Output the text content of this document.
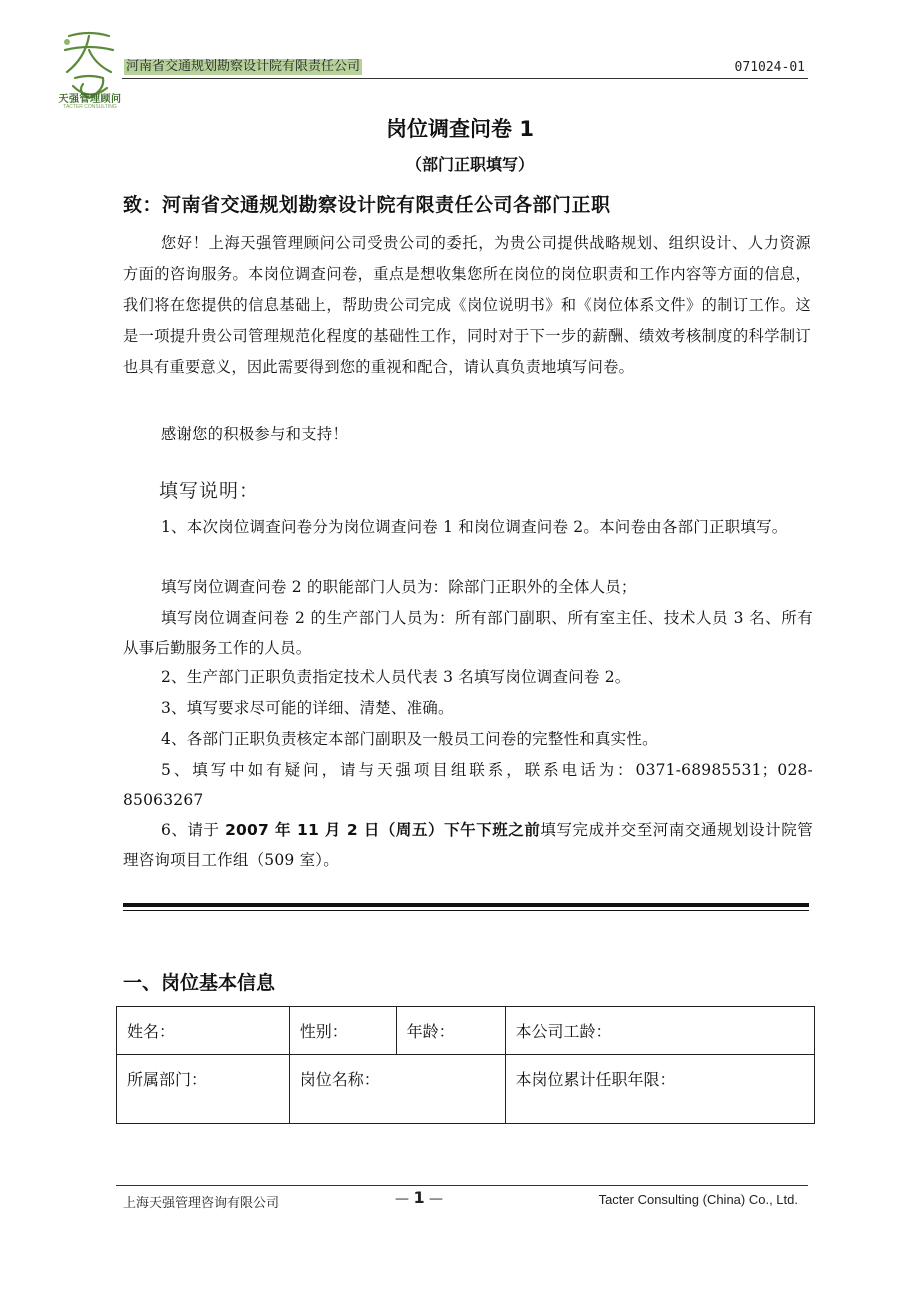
天强管理顾问
TACTER CONSULTING
河南省交通规划勘察设计院有限责任公司	071024-01
岗位调查问卷 1
（部门正职填写）
致：河南省交通规划勘察设计院有限责任公司各部门正职
您好！上海天强管理顾问公司受贵公司的委托，为贵公司提供战略规划、组织设计、人力资源方面的咨询服务。本岗位调查问卷，重点是想收集您所在岗位的岗位职责和工作内容等方面的信息，我们将在您提供的信息基础上，帮助贵公司完成《岗位说明书》和《岗位体系文件》的制订工作。这是一项提升贵公司管理规范化程度的基础性工作，同时对于下一步的薪酬、绩效考核制度的科学制订也具有重要意义，因此需要得到您的重视和配合，请认真负责地填写问卷。
感谢您的积极参与和支持！
填写说明：
1、本次岗位调查问卷分为岗位调查问卷 1 和岗位调查问卷 2。本问卷由各部门正职填写。
填写岗位调查问卷 2 的职能部门人员为：除部门正职外的全体人员；
填写岗位调查问卷 2 的生产部门人员为：所有部门副职、所有室主任、技术人员 3 名、所有从事后勤服务工作的人员。
2、生产部门正职负责指定技术人员代表 3 名填写岗位调查问卷 2。
3、填写要求尽可能的详细、清楚、准确。
4、各部门正职负责核定本部门副职及一般员工问卷的完整性和真实性。
5、填写中如有疑问，请与天强项目组联系，联系电话为：0371-68985531；028-85063267
6、请于 2007 年 11 月 2 日（周五）下午下班之前填写完成并交至河南交通规划设计院管理咨询项目工作组（509 室）。
一、岗位基本信息
姓名：	性别：	年龄：	本公司工龄：
所属部门：	岗位名称：		本岗位累计任职年限：
上海天强管理咨询有限公司	— 1 —	Tacter Consulting (China) Co., Ltd.
